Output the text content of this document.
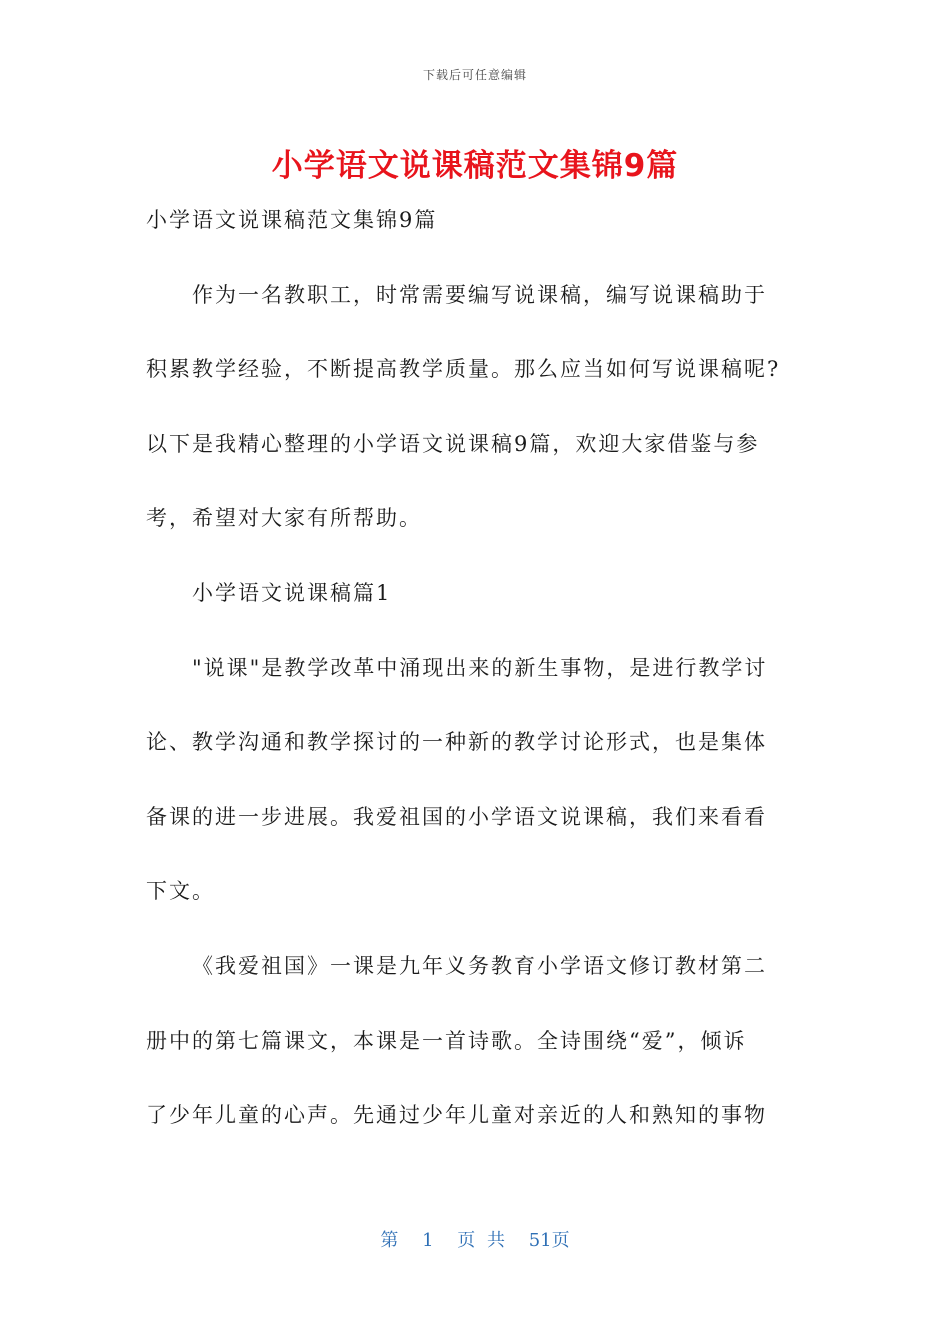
下载后可任意编辑
小学语文说课稿范文集锦9篇
小学语文说课稿范文集锦9篇
作为一名教职工，时常需要编写说课稿，编写说课稿助于
积累教学经验，不断提高教学质量。那么应当如何写说课稿呢?
以下是我精心整理的小学语文说课稿9篇，欢迎大家借鉴与参
考，希望对大家有所帮助。
小学语文说课稿篇1
"说课"是教学改革中涌现出来的新生事物，是进行教学讨
论、教学沟通和教学探讨的一种新的教学讨论形式，也是集体
备课的进一步进展。我爱祖国的小学语文说课稿，我们来看看
下文。
《我爱祖国》一课是九年义务教育小学语文修订教材第二
册中的第七篇课文，本课是一首诗歌。全诗围绕“爱”，倾诉
了少年儿童的心声。先通过少年儿童对亲近的人和熟知的事物
第 1 页 共 51页
